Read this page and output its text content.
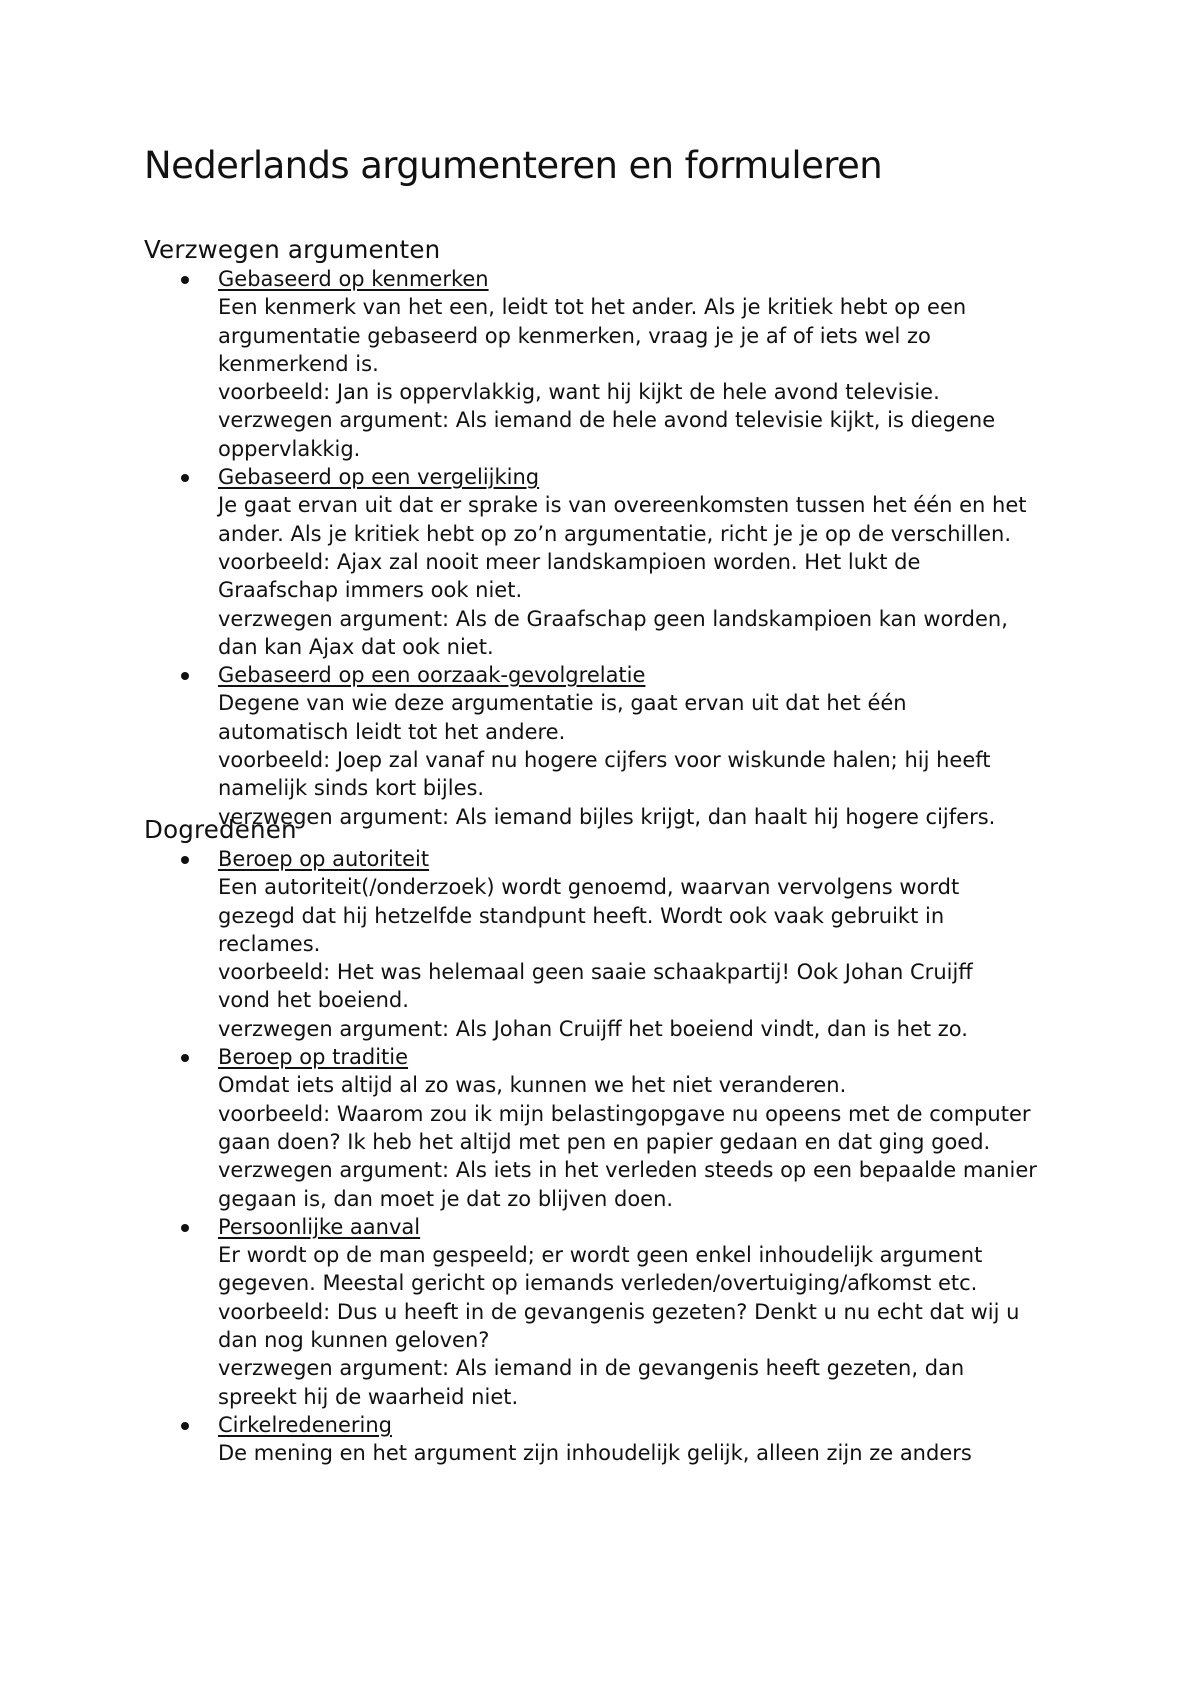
Nederlands argumenteren en formuleren
Verzwegen argumenten
Gebaseerd op kenmerken
Een kenmerk van het een, leidt tot het ander. Als je kritiek hebt op een
argumentatie gebaseerd op kenmerken, vraag je je af of iets wel zo
kenmerkend is.
voorbeeld: Jan is oppervlakkig, want hij kijkt de hele avond televisie.
verzwegen argument: Als iemand de hele avond televisie kijkt, is diegene
oppervlakkig.
Gebaseerd op een vergelijking
Je gaat ervan uit dat er sprake is van overeenkomsten tussen het één en het
ander. Als je kritiek hebt op zo’n argumentatie, richt je je op de verschillen.
voorbeeld: Ajax zal nooit meer landskampioen worden. Het lukt de
Graafschap immers ook niet.
verzwegen argument: Als de Graafschap geen landskampioen kan worden,
dan kan Ajax dat ook niet.
Gebaseerd op een oorzaak-gevolgrelatie
Degene van wie deze argumentatie is, gaat ervan uit dat het één
automatisch leidt tot het andere.
voorbeeld: Joep zal vanaf nu hogere cijfers voor wiskunde halen; hij heeft
namelijk sinds kort bijles.
verzwegen argument: Als iemand bijles krijgt, dan haalt hij hogere cijfers.
Dogredenen
Beroep op autoriteit
Een autoriteit(/onderzoek) wordt genoemd, waarvan vervolgens wordt
gezegd dat hij hetzelfde standpunt heeft. Wordt ook vaak gebruikt in
reclames.
voorbeeld: Het was helemaal geen saaie schaakpartij! Ook Johan Cruijff
vond het boeiend.
verzwegen argument: Als Johan Cruijff het boeiend vindt, dan is het zo.
Beroep op traditie
Omdat iets altijd al zo was, kunnen we het niet veranderen.
voorbeeld: Waarom zou ik mijn belastingopgave nu opeens met de computer
gaan doen? Ik heb het altijd met pen en papier gedaan en dat ging goed.
verzwegen argument: Als iets in het verleden steeds op een bepaalde manier
gegaan is, dan moet je dat zo blijven doen.
Persoonlijke aanval
Er wordt op de man gespeeld; er wordt geen enkel inhoudelijk argument
gegeven. Meestal gericht op iemands verleden/overtuiging/afkomst etc.
voorbeeld: Dus u heeft in de gevangenis gezeten? Denkt u nu echt dat wij u
dan nog kunnen geloven?
verzwegen argument: Als iemand in de gevangenis heeft gezeten, dan
spreekt hij de waarheid niet.
Cirkelredenering
De mening en het argument zijn inhoudelijk gelijk, alleen zijn ze anders
